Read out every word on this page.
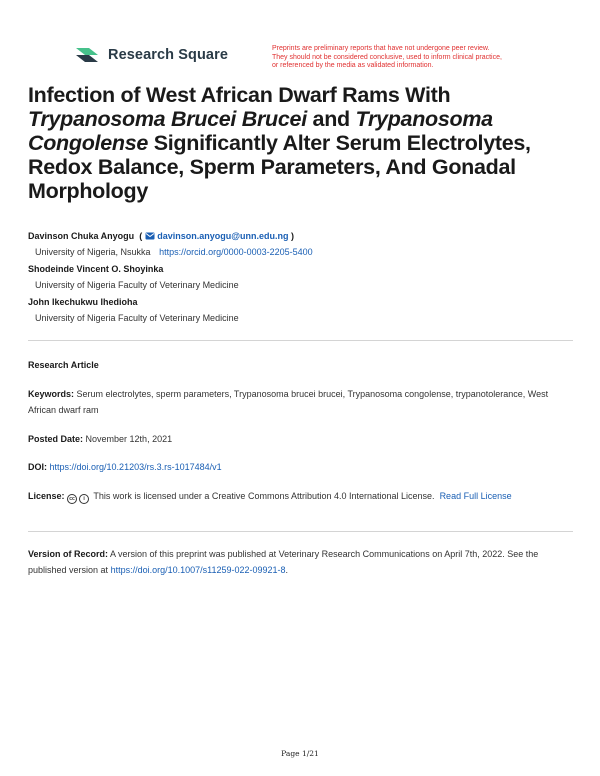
Research Square	Preprints are preliminary reports that have not undergone peer review.
They should not be considered conclusive, used to inform clinical practice,
or referenced by the media as validated information.
Infection of West African Dwarf Rams With Trypanosoma Brucei Brucei and Trypanosoma Congolense Significantly Alter Serum Electrolytes, Redox Balance, Sperm Parameters, And Gonadal Morphology
Davinson Chuka Anyogu  ( davinson.anyogu@unn.edu.ng )
University of Nigeria, Nsukka https://orcid.org/0000-0003-2205-5400
Shodeinde Vincent O. Shoyinka
University of Nigeria Faculty of Veterinary Medicine
John Ikechukwu Ihedioha
University of Nigeria Faculty of Veterinary Medicine
Research Article
Keywords: Serum electrolytes, sperm parameters, Trypanosoma brucei brucei, Trypanosoma congolense, trypanotolerance, West African dwarf ram
Posted Date: November 12th, 2021
DOI: https://doi.org/10.21203/rs.3.rs-1017484/v1
License: cc	i This work is licensed under a Creative Commons Attribution 4.0 International License. Read Full License
Version of Record: A version of this preprint was published at Veterinary Research Communications on April 7th, 2022. See the published version at https://doi.org/10.1007/s11259-022-09921-8.
Page 1/21
